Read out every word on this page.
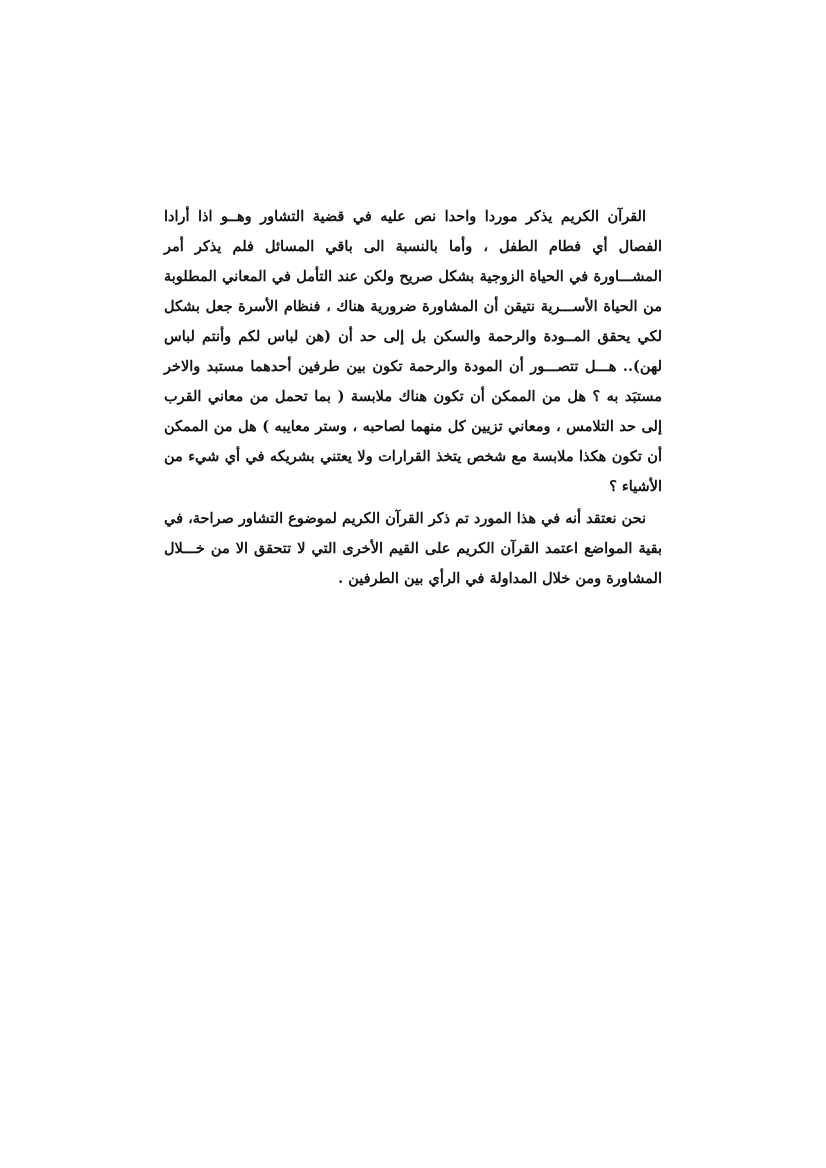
القرآن الكريم يذكر موردا واحدا نص عليه في قضية التشاور وهــو اذا أرادا الفصال أي فطام الطفل ، وأما بالنسبة الى باقي المسائل فلم يذكر أمر المشـــاورة في الحياة الزوجية بشكل صريح ولكن عند التأمل في المعاني المطلوبة من الحياة الأســـرية نتيقن أن المشاورة ضرورية هناك ، فنظام الأسرة جعل بشكل لكي يحقق المــودة والرحمة والسكن بل إلى حد أن (هن لباس لكم وأنتم لباس لهن).. هـــل تتصـــور أن المودة والرحمة تكون بين طرفين أحدهما مستبد والاخر مستبَد به ؟ هل من الممكن أن تكون هناك ملابسة ( بما تحمل من معاني القرب إلى حد التلامس ، ومعاني تزيين كل منهما لصاحبه ، وستر معايبه ) هل من الممكن أن تكون هكذا ملابسة مع شخص يتخذ القرارات ولا يعتني بشريكه في أي شيء من الأشياء ؟

نحن نعتقد أنه في هذا المورد تم ذكر القرآن الكريم لموضوع التشاور صراحة، في بقية المواضع اعتمد القرآن الكريم على القيم الأخرى التي لا تتحقق الا من خـــلال المشاورة ومن خلال المداولة في الرأي بين الطرفين .
